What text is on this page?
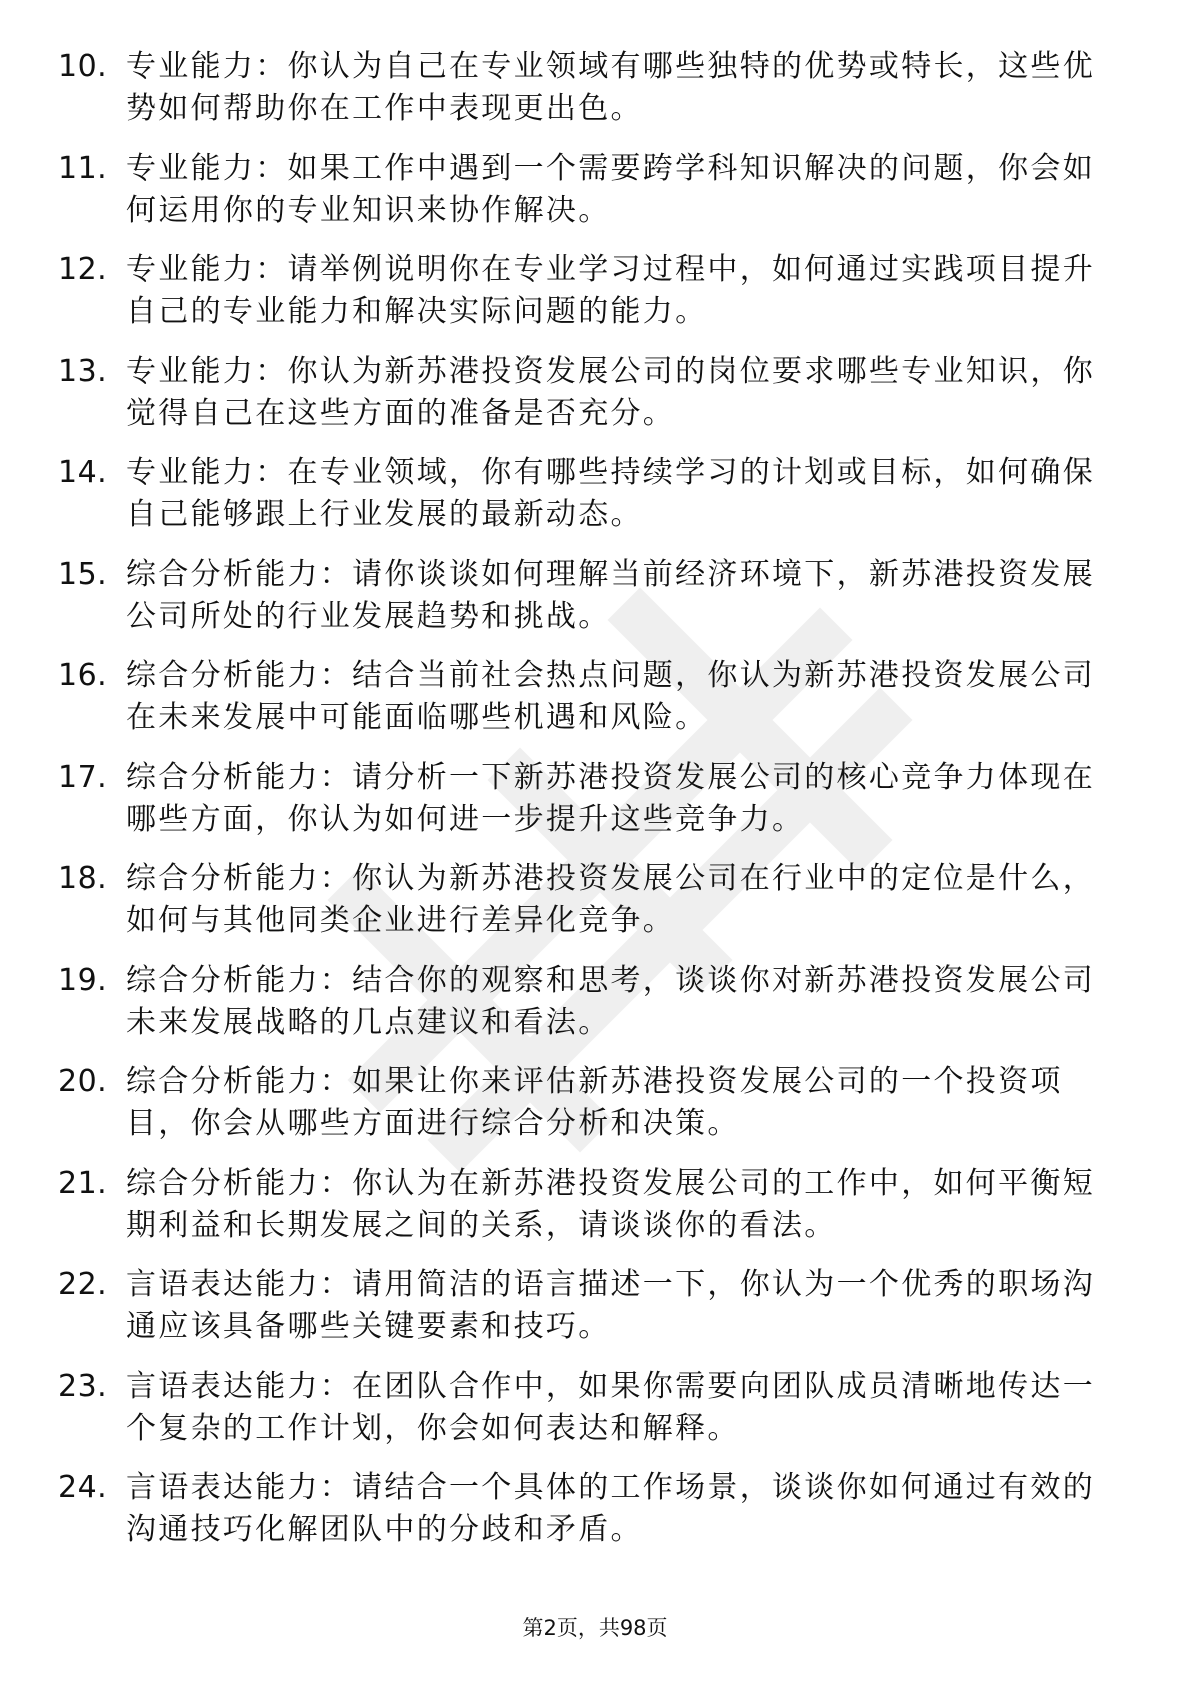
10. 专业能力：你认为自己在专业领域有哪些独特的优势或特长，这些优势如何帮助你在工作中表现更出色。
11. 专业能力：如果工作中遇到一个需要跨学科知识解决的问题，你会如何运用你的专业知识来协作解决。
12. 专业能力：请举例说明你在专业学习过程中，如何通过实践项目提升自己的专业能力和解决实际问题的能力。
13. 专业能力：你认为新苏港投资发展公司的岗位要求哪些专业知识，你觉得自己在这些方面的准备是否充分。
14. 专业能力：在专业领域，你有哪些持续学习的计划或目标，如何确保自己能够跟上行业发展的最新动态。
15. 综合分析能力：请你谈谈如何理解当前经济环境下，新苏港投资发展公司所处的行业发展趋势和挑战。
16. 综合分析能力：结合当前社会热点问题，你认为新苏港投资发展公司在未来发展中可能面临哪些机遇和风险。
17. 综合分析能力：请分析一下新苏港投资发展公司的核心竞争力体现在哪些方面，你认为如何进一步提升这些竞争力。
18. 综合分析能力：你认为新苏港投资发展公司在行业中的定位是什么，如何与其他同类企业进行差异化竞争。
19. 综合分析能力：结合你的观察和思考，谈谈你对新苏港投资发展公司未来发展战略的几点建议和看法。
20. 综合分析能力：如果让你来评估新苏港投资发展公司的一个投资项目，你会从哪些方面进行综合分析和决策。
21. 综合分析能力：你认为在新苏港投资发展公司的工作中，如何平衡短期利益和长期发展之间的关系，请谈谈你的看法。
22. 言语表达能力：请用简洁的语言描述一下，你认为一个优秀的职场沟通应该具备哪些关键要素和技巧。
23. 言语表达能力：在团队合作中，如果你需要向团队成员清晰地传达一个复杂的工作计划，你会如何表达和解释。
24. 言语表达能力：请结合一个具体的工作场景，谈谈你如何通过有效的沟通技巧化解团队中的分歧和矛盾。
第2页，共98页
